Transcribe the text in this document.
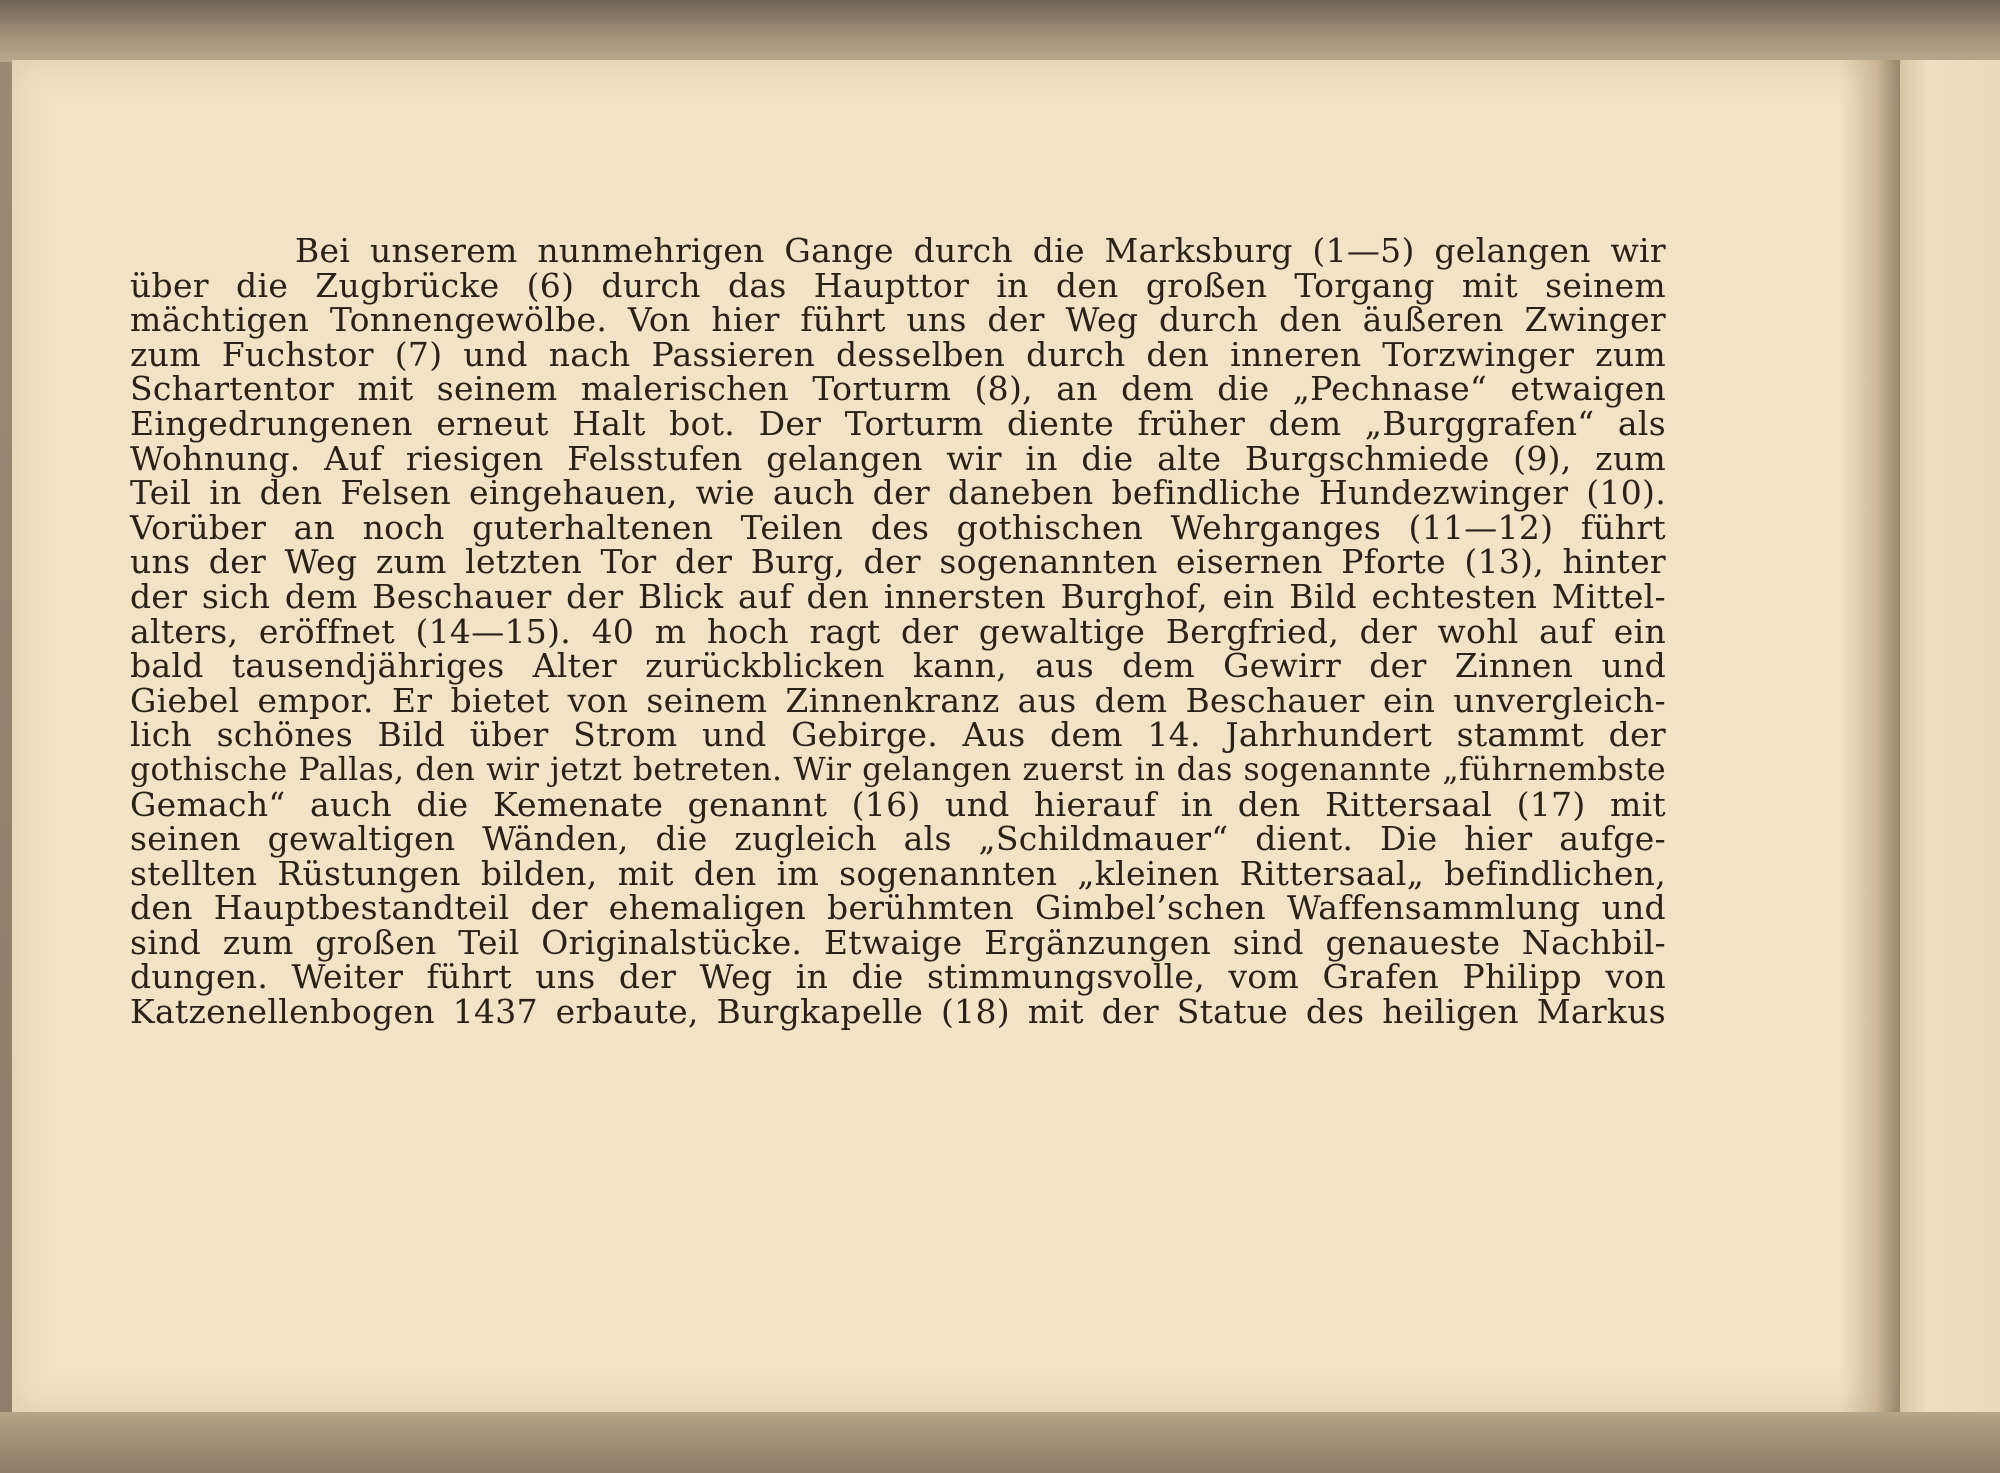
Bei unserem nunmehrigen Gange durch die Marksburg (1—5) gelangen wir
über die Zugbrücke (6) durch das Haupttor in den großen Torgang mit seinem
mächtigen Tonnengewölbe. Von hier führt uns der Weg durch den äußeren Zwinger
zum Fuchstor (7) und nach Passieren desselben durch den inneren Torzwinger zum
Schartentor mit seinem malerischen Torturm (8), an dem die „Pechnase“ etwaigen
Eingedrungenen erneut Halt bot. Der Torturm diente früher dem „Burggrafen“ als
Wohnung. Auf riesigen Felsstufen gelangen wir in die alte Burgschmiede (9), zum
Teil in den Felsen eingehauen, wie auch der daneben befindliche Hundezwinger (10).
Vorüber an noch guterhaltenen Teilen des gothischen Wehrganges (11—12) führt
uns der Weg zum letzten Tor der Burg, der sogenannten eisernen Pforte (13), hinter
der sich dem Beschauer der Blick auf den innersten Burghof, ein Bild echtesten Mittel-
alters, eröffnet (14—15). 40 m hoch ragt der gewaltige Bergfried, der wohl auf ein
bald tausendjähriges Alter zurückblicken kann, aus dem Gewirr der Zinnen und
Giebel empor. Er bietet von seinem Zinnenkranz aus dem Beschauer ein unvergleich-
lich schönes Bild über Strom und Gebirge. Aus dem 14. Jahrhundert stammt der
gothische Pallas, den wir jetzt betreten. Wir gelangen zuerst in das sogenannte „führnembste
Gemach“ auch die Kemenate genannt (16) und hierauf in den Rittersaal (17) mit
seinen gewaltigen Wänden, die zugleich als „Schildmauer“ dient. Die hier aufge-
stellten Rüstungen bilden, mit den im sogenannten „kleinen Rittersaal„ befindlichen,
den Hauptbestandteil der ehemaligen berühmten Gimbel’schen Waffensammlung und
sind zum großen Teil Originalstücke. Etwaige Ergänzungen sind genaueste Nachbil-
dungen. Weiter führt uns der Weg in die stimmungsvolle, vom Grafen Philipp von
Katzenellenbogen 1437 erbaute, Burgkapelle (18) mit der Statue des heiligen Markus
